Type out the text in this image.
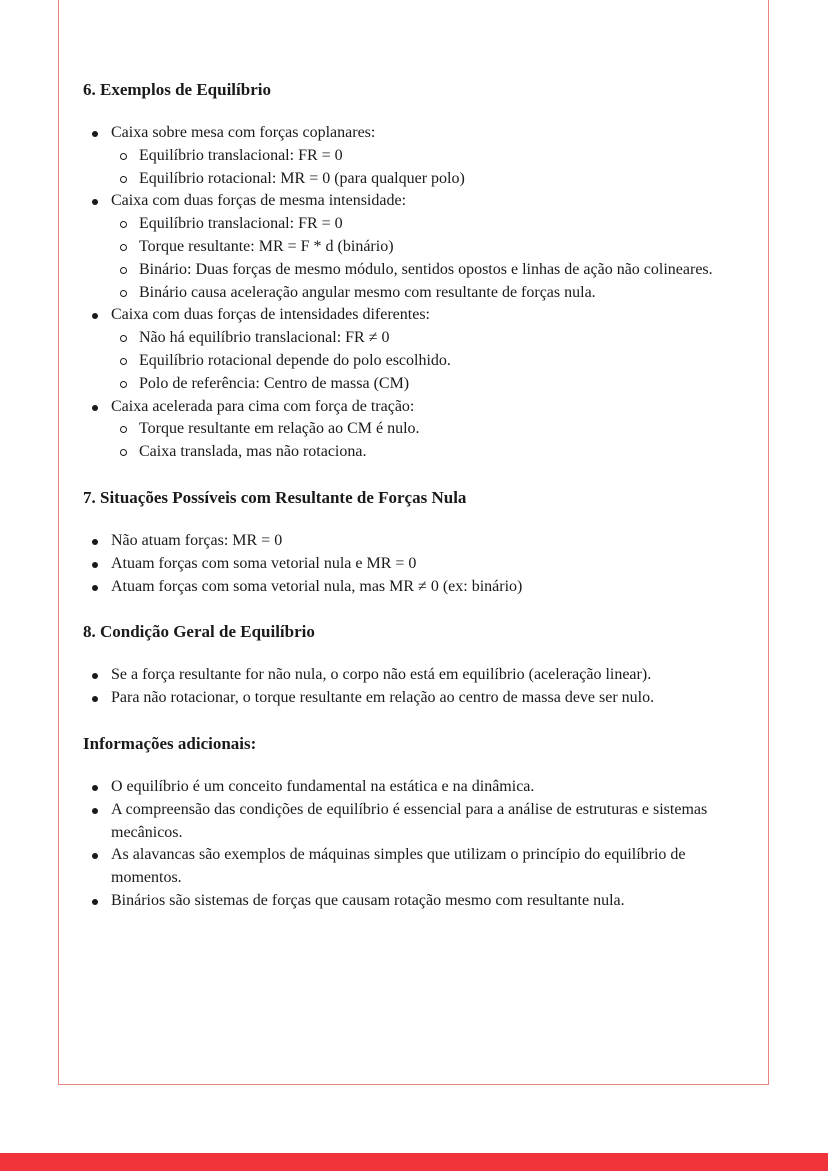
6. Exemplos de Equilíbrio
Caixa sobre mesa com forças coplanares:
Equilíbrio translacional: FR = 0
Equilíbrio rotacional: MR = 0 (para qualquer polo)
Caixa com duas forças de mesma intensidade:
Equilíbrio translacional: FR = 0
Torque resultante: MR = F * d (binário)
Binário: Duas forças de mesmo módulo, sentidos opostos e linhas de ação não colineares.
Binário causa aceleração angular mesmo com resultante de forças nula.
Caixa com duas forças de intensidades diferentes:
Não há equilíbrio translacional: FR ≠ 0
Equilíbrio rotacional depende do polo escolhido.
Polo de referência: Centro de massa (CM)
Caixa acelerada para cima com força de tração:
Torque resultante em relação ao CM é nulo.
Caixa translada, mas não rotaciona.
7. Situações Possíveis com Resultante de Forças Nula
Não atuam forças: MR = 0
Atuam forças com soma vetorial nula e MR = 0
Atuam forças com soma vetorial nula, mas MR ≠ 0 (ex: binário)
8. Condição Geral de Equilíbrio
Se a força resultante for não nula, o corpo não está em equilíbrio (aceleração linear).
Para não rotacionar, o torque resultante em relação ao centro de massa deve ser nulo.
Informações adicionais:
O equilíbrio é um conceito fundamental na estática e na dinâmica.
A compreensão das condições de equilíbrio é essencial para a análise de estruturas e sistemas mecânicos.
As alavancas são exemplos de máquinas simples que utilizam o princípio do equilíbrio de momentos.
Binários são sistemas de forças que causam rotação mesmo com resultante nula.
